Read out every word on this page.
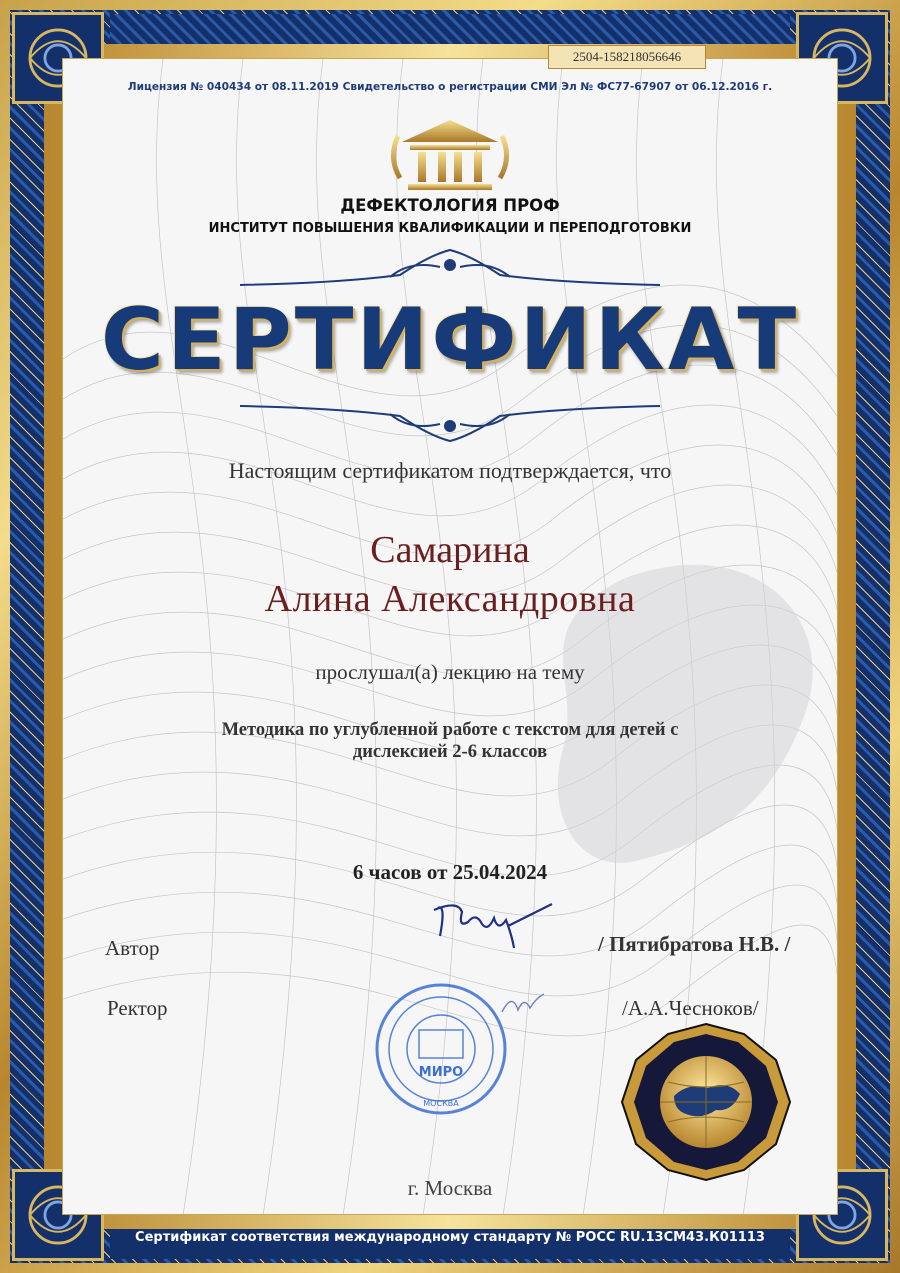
2504-158218056646
Лицензия № 040434 от 08.11.2019 Свидетельство о регистрации СМИ Эл № ФС77-67907 от 06.12.2016 г.
ДЕФЕКТОЛОГИЯ ПРОФ
ИНСТИТУТ ПОВЫШЕНИЯ КВАЛИФИКАЦИИ И ПЕРЕПОДГОТОВКИ
СЕРТИФИКАТ
Настоящим сертификатом подтверждается, что
Самарина
Алина Александровна
прослушал(а) лекцию на тему
Методика по углубленной работе с текстом для детей с
дислексией 2-6 классов
6 часов от 25.04.2024
Автор	/ Пятибратова Н.В. /
Ректор	/А.А.Чесноков/
МИРО
МОСКВА
г. Москва
Сертификат соответствия международному стандарту № РОСС RU.13СМ43.К01113
